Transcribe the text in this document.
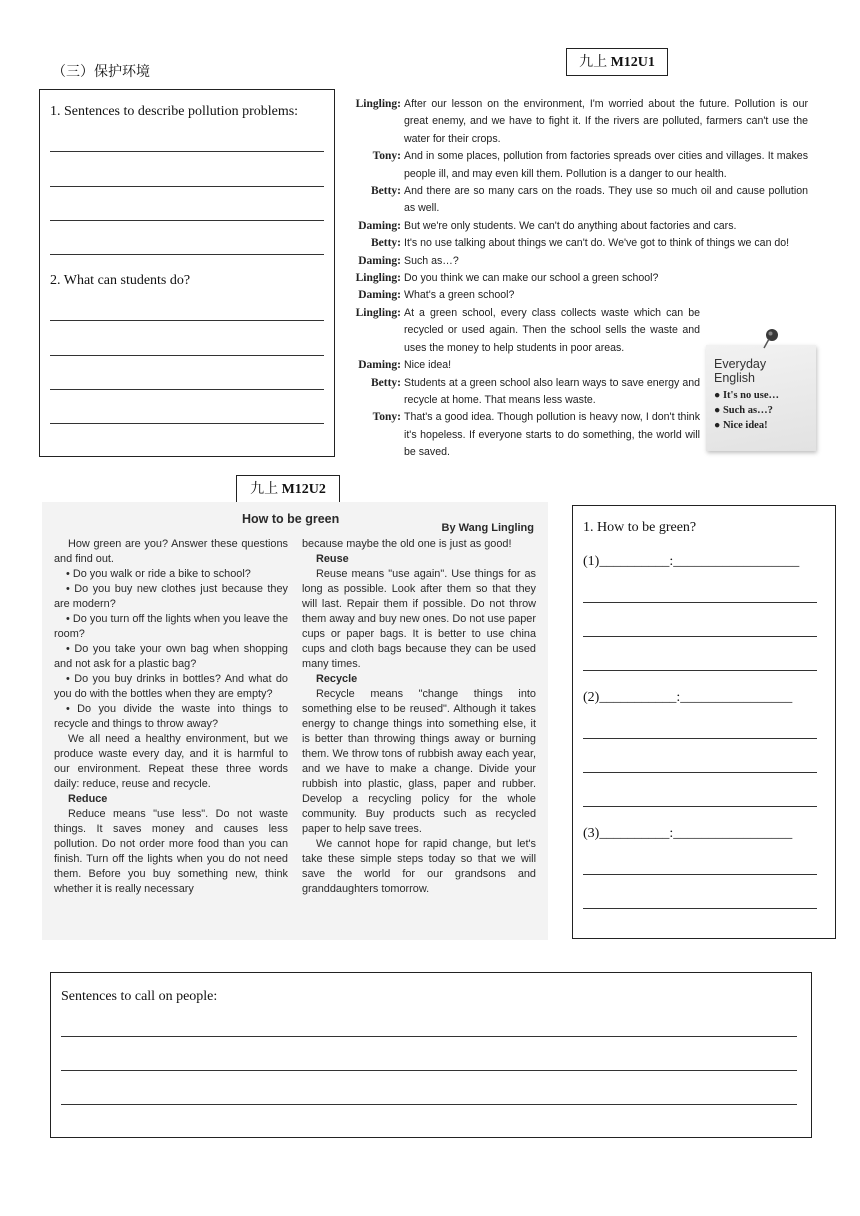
（三）保护环境
九上 M12U1
1. Sentences to describe pollution problems:
2. What can students do?
Lingling: After our lesson on the environment, I'm worried about the future. Pollution is our great enemy, and we have to fight it. If the rivers are polluted, farmers can't use the water for their crops.
Tony: And in some places, pollution from factories spreads over cities and villages. It makes people ill, and may even kill them. Pollution is a danger to our health.
Betty: And there are so many cars on the roads. They use so much oil and cause pollution as well.
Daming: But we're only students. We can't do anything about factories and cars.
Betty: It's no use talking about things we can't do. We've got to think of things we can do!
Daming: Such as…?
Lingling: Do you think we can make our school a green school?
Daming: What's a green school?
Lingling: At a green school, every class collects waste which can be recycled or used again. Then the school sells the waste and uses the money to help students in poor areas.
Daming: Nice idea!
Betty: Students at a green school also learn ways to save energy and recycle at home. That means less waste.
Tony: That's a good idea. Though pollution is heavy now, I don't think it's hopeless. If everyone starts to do something, the world will be saved.
Everyday English
● It's no use…
● Such as…?
● Nice idea!
九上 M12U2
How to be green
By Wang Lingling

How green are you? Answer these questions and find out.

• Do you walk or ride a bike to school?

• Do you buy new clothes just because they are modern?

• Do you turn off the lights when you leave the room?

• Do you take your own bag when shopping and not ask for a plastic bag?

• Do you buy drinks in bottles? And what do you do with the bottles when they are empty?

• Do you divide the waste into things to recycle and things to throw away?

We all need a healthy environment, but we produce waste every day, and it is harmful to our environment. Repeat these three words daily: reduce, reuse and recycle.

Reduce

Reduce means "use less". Do not waste things. It saves money and causes less pollution. Do not order more food than you can finish. Turn off the lights when you do not need them. Before you buy something new, think whether it is really necessary

because maybe the old one is just as good!

Reuse

Reuse means "use again". Use things for as long as possible. Look after them so that they will last. Repair them if possible. Do not throw them away and buy new ones. Do not use paper cups or paper bags. It is better to use china cups and cloth bags because they can be used many times.

Recycle

Recycle means "change things into something else to be reused". Although it takes energy to change things into something else, it is better than throwing things away or burning them. We throw tons of rubbish away each year, and we have to make a change. Divide your rubbish into plastic, glass, paper and rubber. Develop a recycling policy for the whole community. Buy products such as recycled paper to help save trees.

We cannot hope for rapid change, but let's take these simple steps today so that we will save the world for our grandsons and granddaughters tomorrow.

1. How to be green?
(1)__________:__________________
(2)___________:________________
(3)__________:_________________
Sentences to call on people:
